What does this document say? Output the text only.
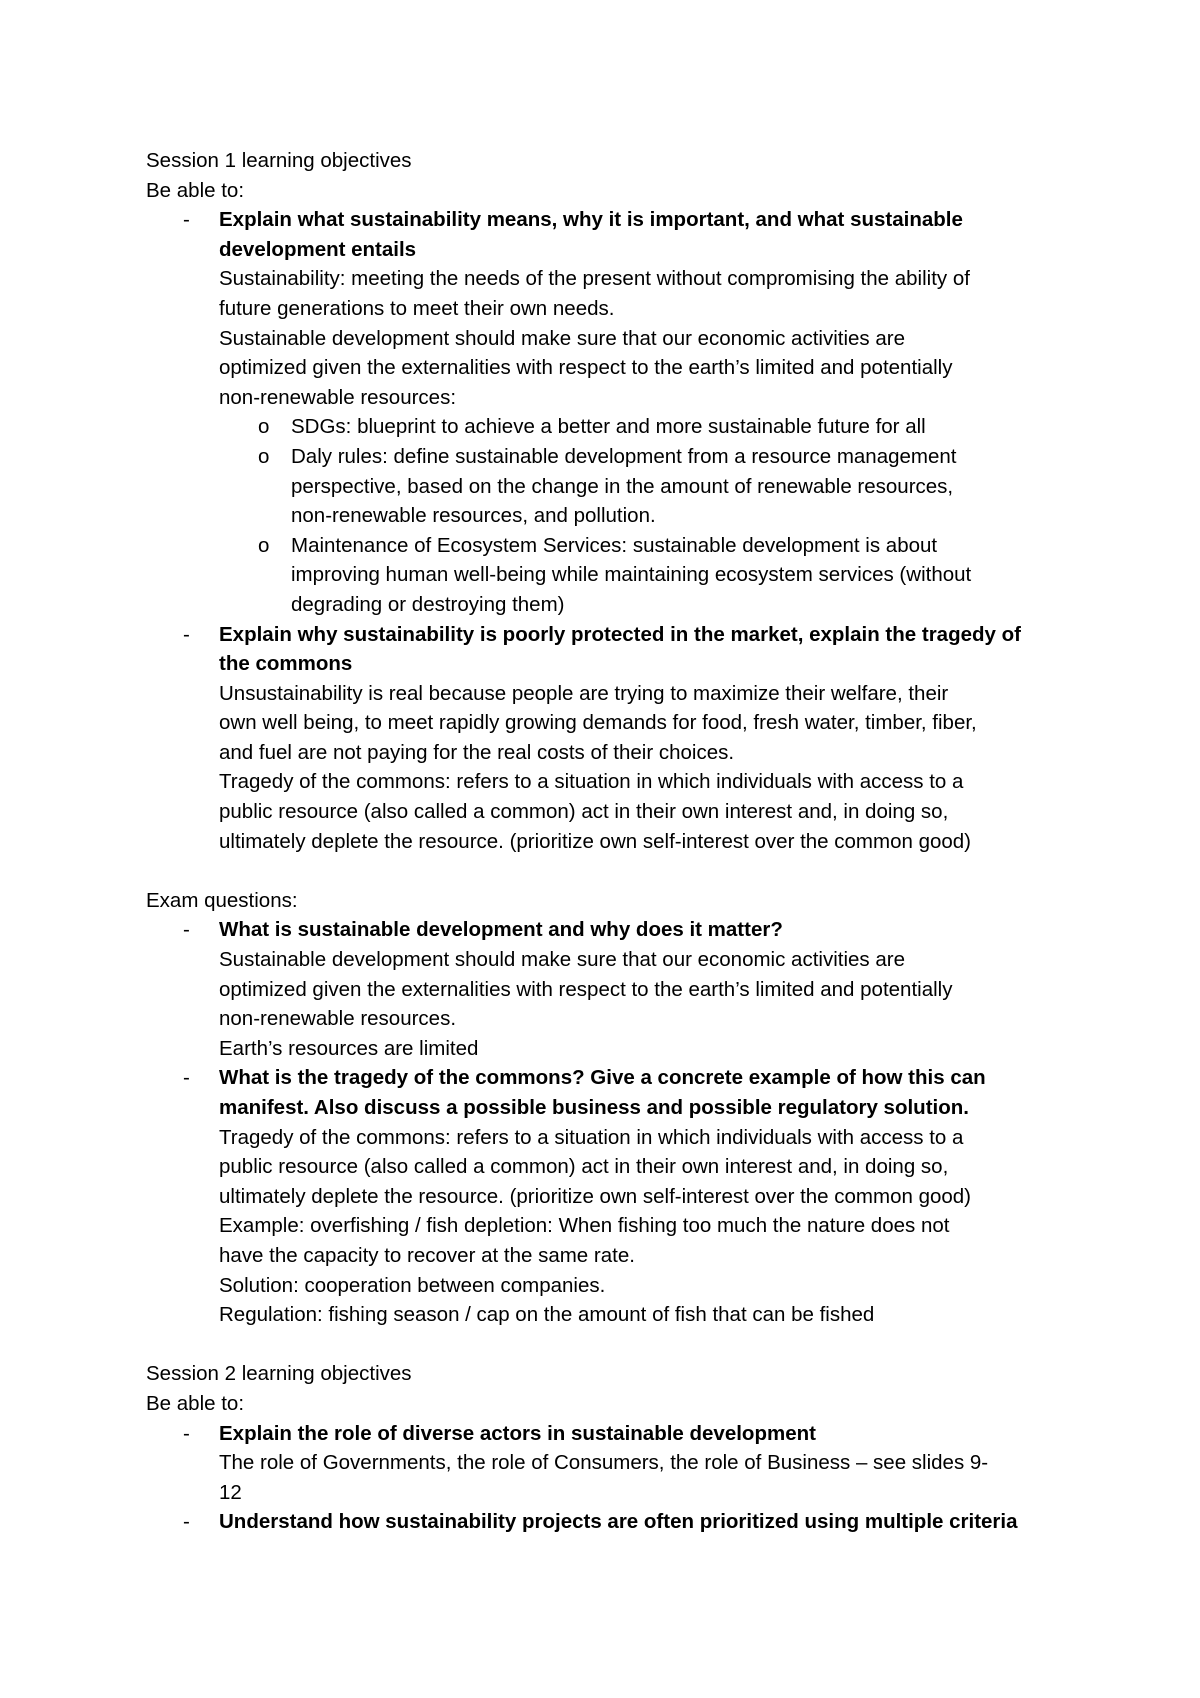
Session 1 learning objectives
Be able to:
- Explain what sustainability means, why it is important, and what sustainable
development entails
Sustainability: meeting the needs of the present without compromising the ability of
future generations to meet their own needs.
Sustainable development should make sure that our economic activities are
optimized given the externalities with respect to the earth’s limited and potentially
non-renewable resources:
o SDGs: blueprint to achieve a better and more sustainable future for all
o Daly rules: define sustainable development from a resource management
perspective, based on the change in the amount of renewable resources,
non-renewable resources, and pollution.
o Maintenance of Ecosystem Services: sustainable development is about
improving human well-being while maintaining ecosystem services (without
degrading or destroying them)
- Explain why sustainability is poorly protected in the market, explain the tragedy of
the commons
Unsustainability is real because people are trying to maximize their welfare, their
own well being, to meet rapidly growing demands for food, fresh water, timber, fiber,
and fuel are not paying for the real costs of their choices.
Tragedy of the commons: refers to a situation in which individuals with access to a
public resource (also called a common) act in their own interest and, in doing so,
ultimately deplete the resource. (prioritize own self-interest over the common good)
Exam questions:
- What is sustainable development and why does it matter?
Sustainable development should make sure that our economic activities are
optimized given the externalities with respect to the earth’s limited and potentially
non-renewable resources.
Earth’s resources are limited
- What is the tragedy of the commons? Give a concrete example of how this can
manifest. Also discuss a possible business and possible regulatory solution.
Tragedy of the commons: refers to a situation in which individuals with access to a
public resource (also called a common) act in their own interest and, in doing so,
ultimately deplete the resource. (prioritize own self-interest over the common good)
Example: overfishing / fish depletion: When fishing too much the nature does not
have the capacity to recover at the same rate.
Solution: cooperation between companies.
Regulation: fishing season / cap on the amount of fish that can be fished
Session 2 learning objectives
Be able to:
- Explain the role of diverse actors in sustainable development
The role of Governments, the role of Consumers, the role of Business – see slides 9-
12
- Understand how sustainability projects are often prioritized using multiple criteria
